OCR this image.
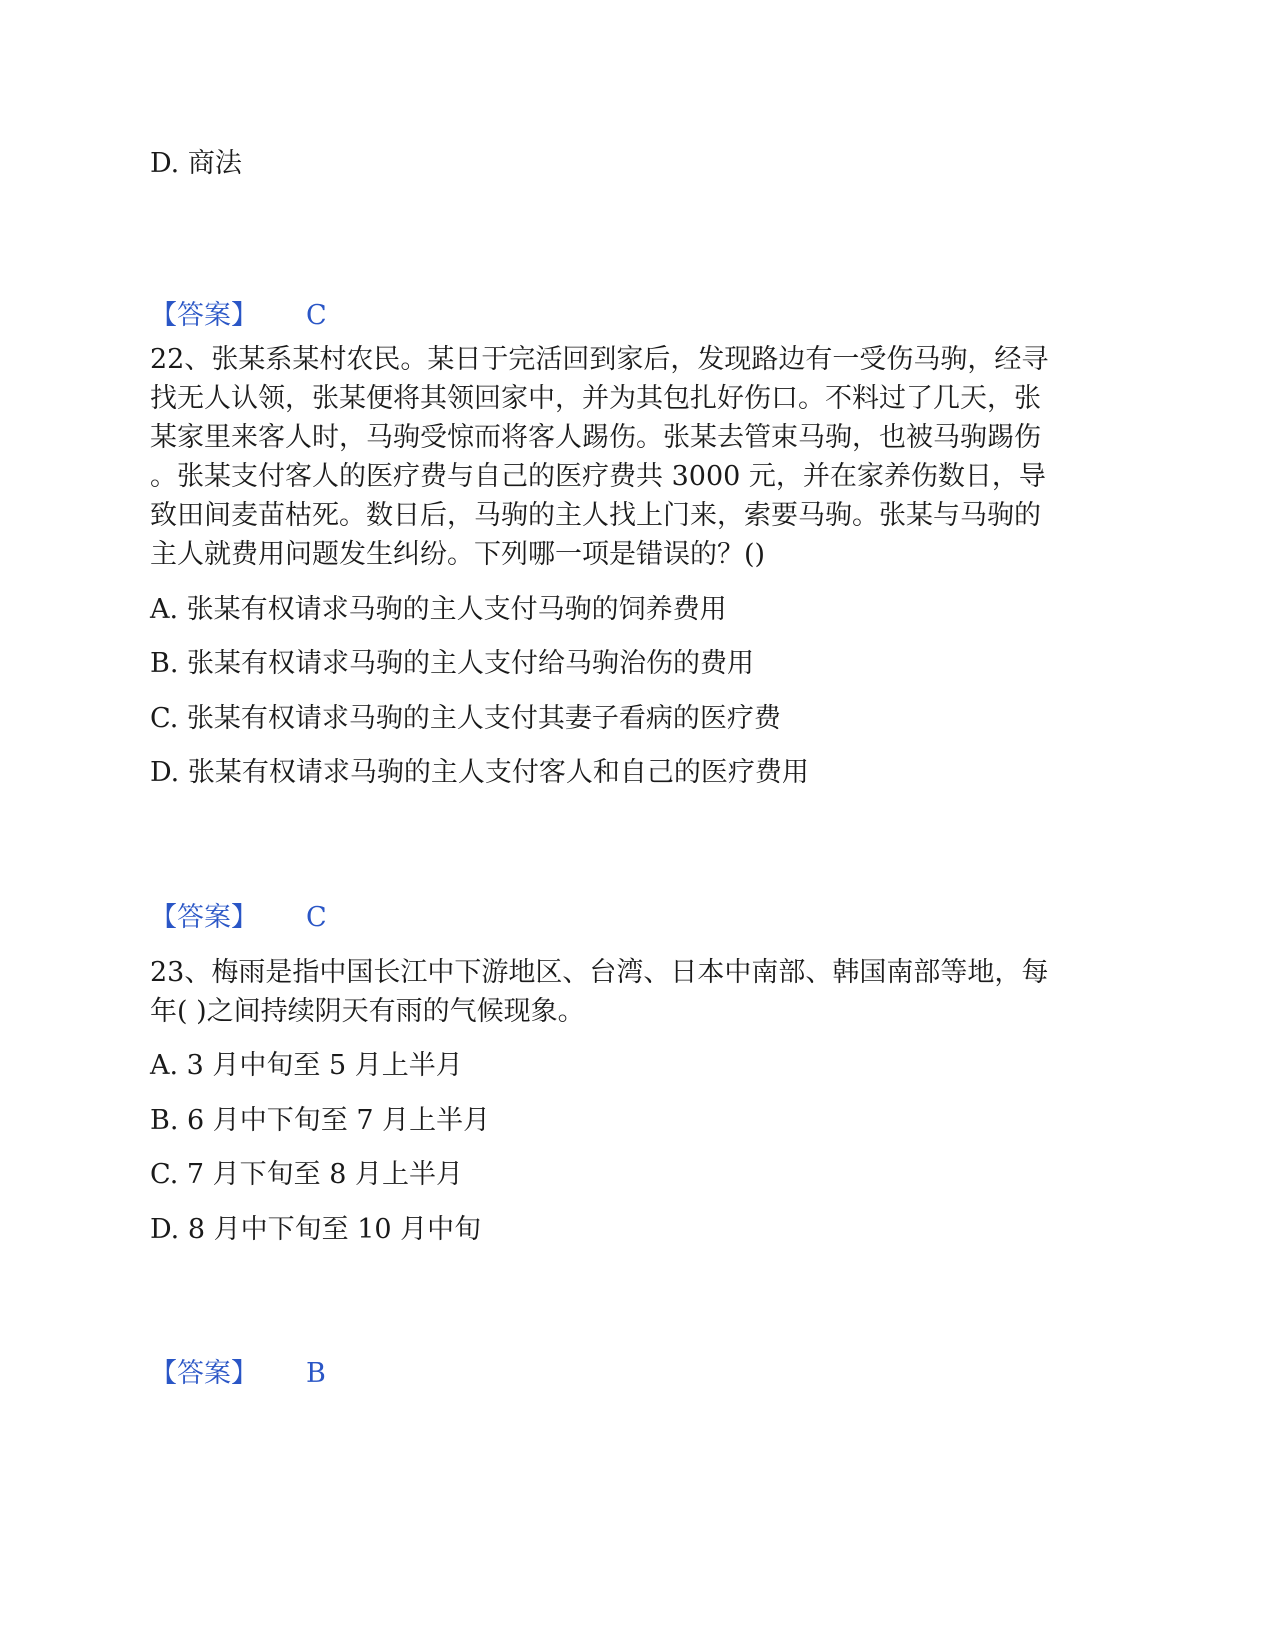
D. 商法
【答案】 C
22、张某系某村农民。某日于完活回到家后，发现路边有一受伤马驹，经寻
找无人认领，张某便将其领回家中，并为其包扎好伤口。不料过了几天，张
某家里来客人时，马驹受惊而将客人踢伤。张某去管束马驹，也被马驹踢伤
。张某支付客人的医疗费与自己的医疗费共 3000 元，并在家养伤数日，导
致田间麦苗枯死。数日后，马驹的主人找上门来，索要马驹。张某与马驹的
主人就费用问题发生纠纷。下列哪一项是错误的？()
A. 张某有权请求马驹的主人支付马驹的饲养费用
B. 张某有权请求马驹的主人支付给马驹治伤的费用
C. 张某有权请求马驹的主人支付其妻子看病的医疗费
D. 张某有权请求马驹的主人支付客人和自己的医疗费用
【答案】 C
23、梅雨是指中国长江中下游地区、台湾、日本中南部、韩国南部等地，每
年( )之间持续阴天有雨的气候现象。
A. 3 月中旬至 5 月上半月
B. 6 月中下旬至 7 月上半月
C. 7 月下旬至 8 月上半月
D. 8 月中下旬至 10 月中旬
【答案】 B
